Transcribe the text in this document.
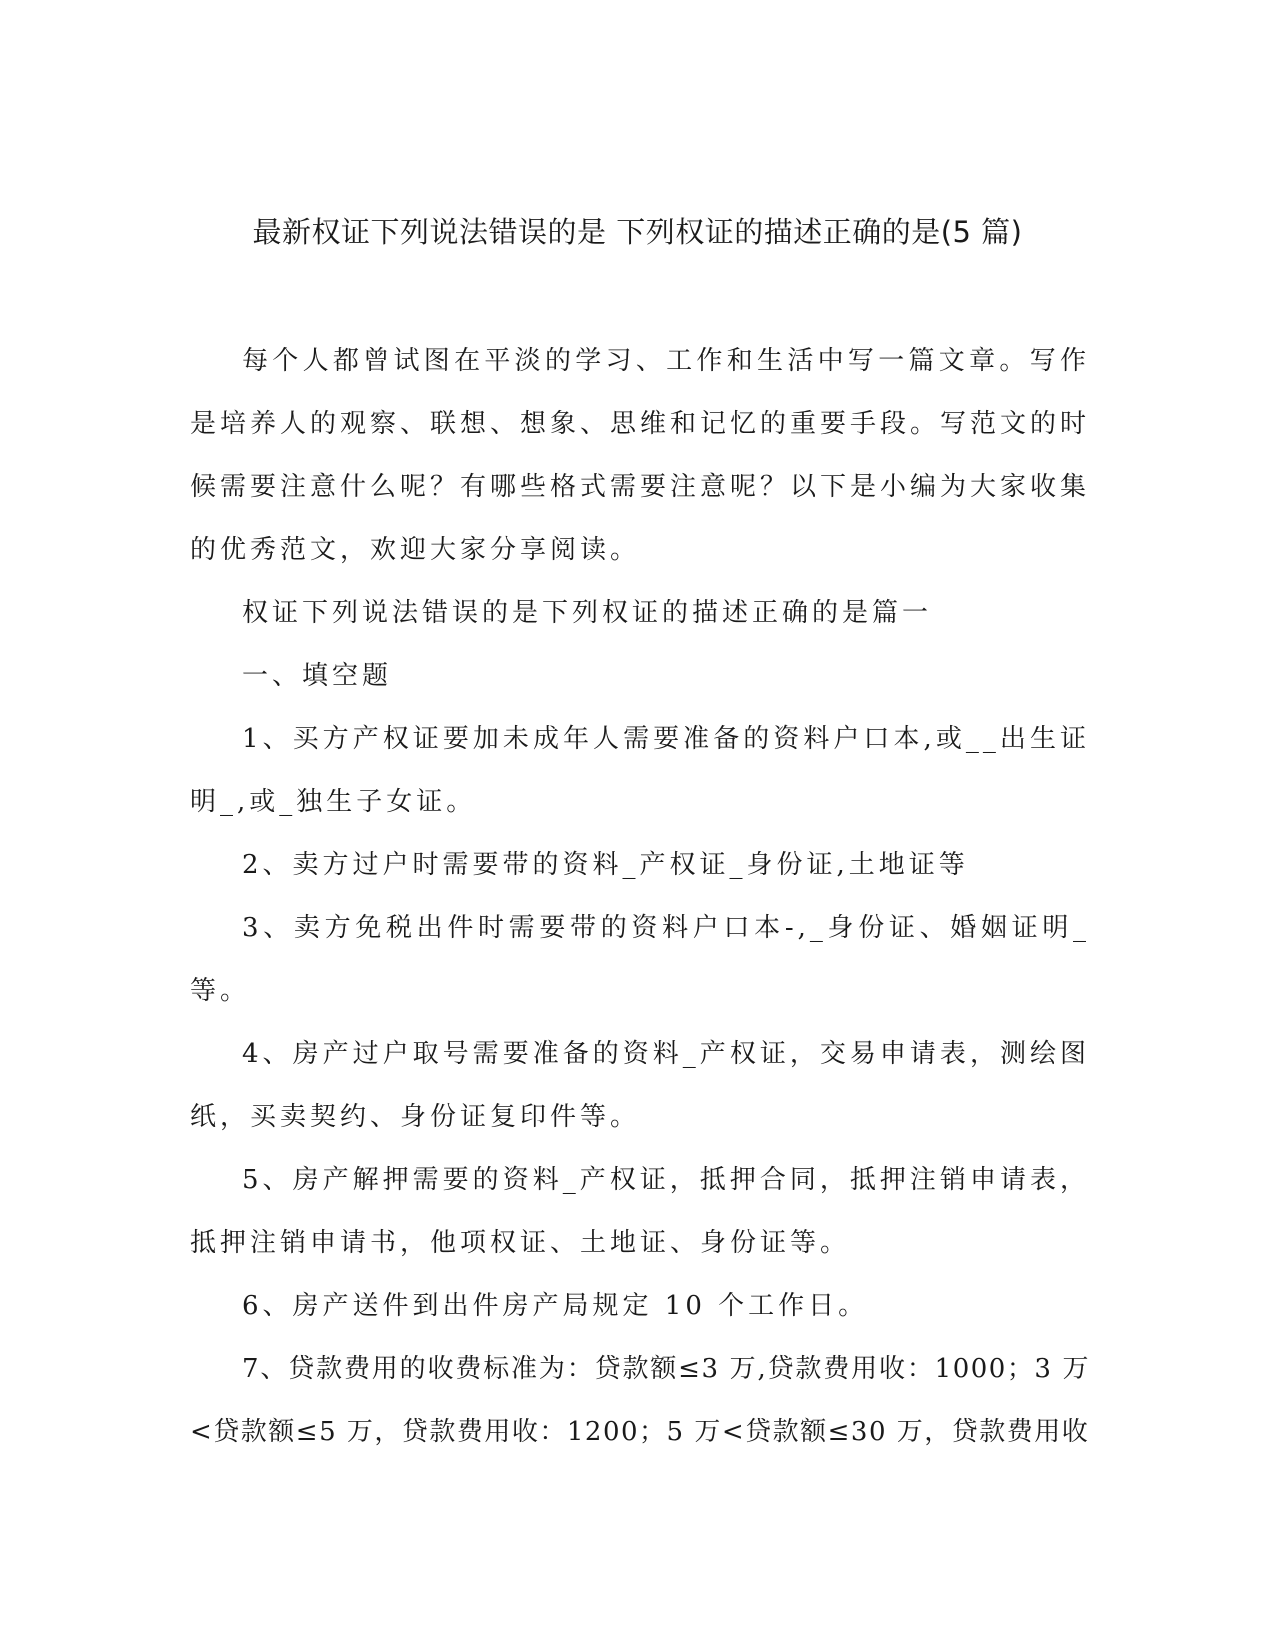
最新权证下列说法错误的是 下列权证的描述正确的是(5 篇)

每个人都曾试图在平淡的学习、工作和生活中写一篇文章。写作是培养人的观察、联想、想象、思维和记忆的重要手段。写范文的时候需要注意什么呢？有哪些格式需要注意呢？以下是小编为大家收集的优秀范文，欢迎大家分享阅读。

权证下列说法错误的是下列权证的描述正确的是篇一

一、填空题

1、买方产权证要加未成年人需要准备的资料户口本,或__出生证明_,或_独生子女证。

2、卖方过户时需要带的资料_产权证_身份证,土地证等

3、卖方免税出件时需要带的资料户口本-,_身份证、婚姻证明_等。

4、房产过户取号需要准备的资料_产权证，交易申请表，测绘图纸，买卖契约、身份证复印件等。

5、房产解押需要的资料_产权证，抵押合同，抵押注销申请表，抵押注销申请书，他项权证、土地证、身份证等。

6、房产送件到出件房产局规定 10 个工作日。

7、贷款费用的收费标准为：贷款额≤3 万,贷款费用收：1000；3 万<贷款额≤5 万，贷款费用收：1200；5 万<贷款额≤30 万，贷款费用收
